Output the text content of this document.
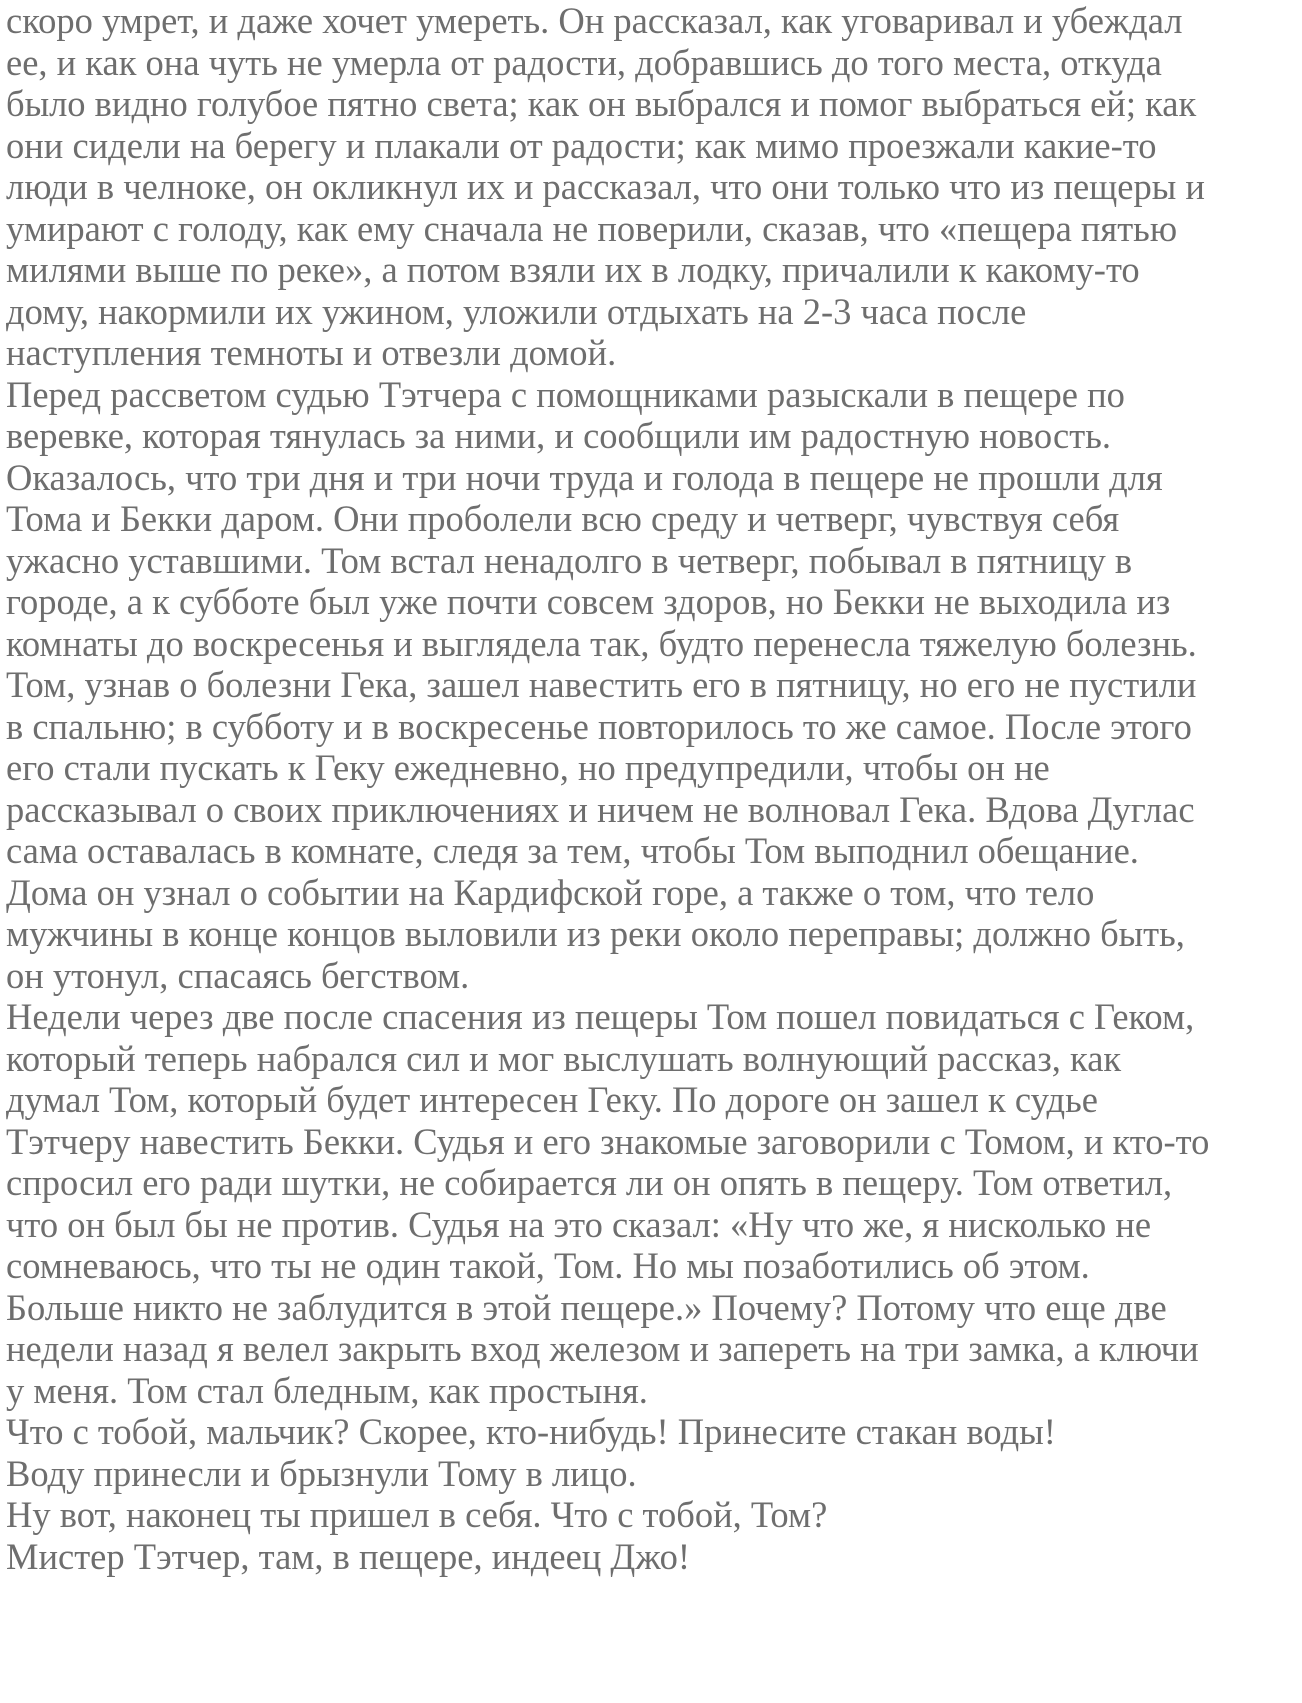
скоро умрет, и даже хочет умереть. Он рассказал, как уговаривал и убеждал
ее, и как она чуть не умерла от радости, добравшись до того места, откуда
было видно голубое пятно света; как он выбрался и помог выбраться ей; как
они сидели на берегу и плакали от радости; как мимо проезжали какие-то
люди в челноке, он окликнул их и рассказал, что они только что из пещеры и
умирают с голоду, как ему сначала не поверили, сказав, что «пещера пятью
милями выше по реке», а потом взяли их в лодку, причалили к какому-то
дому, накормили их ужином, уложили отдыхать на 2-3 часа после
наступления темноты и отвезли домой.
Перед рассветом судью Тэтчера с помощниками разыскали в пещере по
веревке, которая тянулась за ними, и сообщили им радостную новость.
Оказалось, что три дня и три ночи труда и голода в пещере не прошли для
Тома и Бекки даром. Они проболели всю среду и четверг, чувствуя себя
ужасно уставшими. Том встал ненадолго в четверг, побывал в пятницу в
городе, а к субботе был уже почти совсем здоров, но Бекки не выходила из
комнаты до воскресенья и выглядела так, будто перенесла тяжелую болезнь.
Том, узнав о болезни Гека, зашел навестить его в пятницу, но его не пустили
в спальню; в субботу и в воскресенье повторилось то же самое. После этого
его стали пускать к Геку ежедневно, но предупредили, чтобы он не
рассказывал о своих приключениях и ничем не волновал Гека. Вдова Дуглас
сама оставалась в комнате, следя за тем, чтобы Том выподнил обещание.
Дома он узнал о событии на Кардифской горе, а также о том, что тело
мужчины в конце концов выловили из реки около переправы; должно быть,
он утонул, спасаясь бегством.
Недели через две после спасения из пещеры Том пошел повидаться с Геком,
который теперь набрался сил и мог выслушать волнующий рассказ, как
думал Том, который будет интересен Геку. По дороге он зашел к судье
Тэтчеру навестить Бекки. Судья и его знакомые заговорили с Томом, и кто-то
спросил его ради шутки, не собирается ли он опять в пещеру. Том ответил,
что он был бы не против. Судья на это сказал: «Ну что же, я нисколько не
сомневаюсь, что ты не один такой, Том. Но мы позаботились об этом.
Больше никто не заблудится в этой пещере.» Почему? Потому что еще две
недели назад я велел закрыть вход железом и запереть на три замка, а ключи
у меня. Том стал бледным, как простыня.
Что с тобой, мальчик? Скорее, кто-нибудь! Принесите стакан воды!
Воду принесли и брызнули Тому в лицо.
Ну вот, наконец ты пришел в себя. Что с тобой, Том?
Мистер Тэтчер, там, в пещере, индеец Джо!
